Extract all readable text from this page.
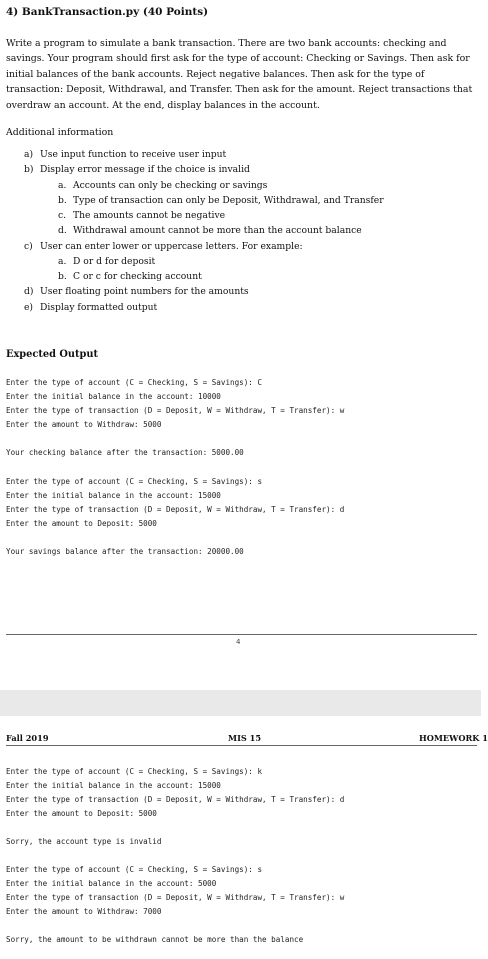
4) BankTransaction.py (40 Points)

Write a program to simulate a bank transaction. There are two bank accounts: checking and savings. Your program should first ask for the type of account: Checking or Savings. Then ask for initial balances of the bank accounts. Reject negative balances. Then ask for the type of transaction: Deposit, Withdrawal, and Transfer. Then ask for the amount. Reject transactions that overdraw an account. At the end, display balances in the account.

Additional information
a) Use input function to receive user input
b) Display error message if the choice is invalid
a. Accounts can only be checking or savings
b. Type of transaction can only be Deposit, Withdrawal, and Transfer
c. The amounts cannot be negative
d. Withdrawal amount cannot be more than the account balance
c) User can enter lower or uppercase letters. For example:
a. D or d for deposit
b. C or c for checking account
d) User floating point numbers for the amounts
e) Display formatted output
Expected Output
Enter the type of account (C = Checking, S = Savings): C
Enter the initial balance in the account: 10000
Enter the type of transaction (D = Deposit, W = Withdraw, T = Transfer): w
Enter the amount to Withdraw: 5000
Your checking balance after the transaction: 5000.00
Enter the type of account (C = Checking, S = Savings): s
Enter the initial balance in the account: 15000
Enter the type of transaction (D = Deposit, W = Withdraw, T = Transfer): d
Enter the amount to Deposit: 5000
Your savings balance after the transaction: 20000.00
4
Fall 2019	MIS 15	HOMEWORK 1
Enter the type of account (C = Checking, S = Savings): k
Enter the initial balance in the account: 15000
Enter the type of transaction (D = Deposit, W = Withdraw, T = Transfer): d
Enter the amount to Deposit: 5000
Sorry, the account type is invalid
Enter the type of account (C = Checking, S = Savings): s
Enter the initial balance in the account: 5000
Enter the type of transaction (D = Deposit, W = Withdraw, T = Transfer): w
Enter the amount to Withdraw: 7000
Sorry, the amount to be withdrawn cannot be more than the balance
